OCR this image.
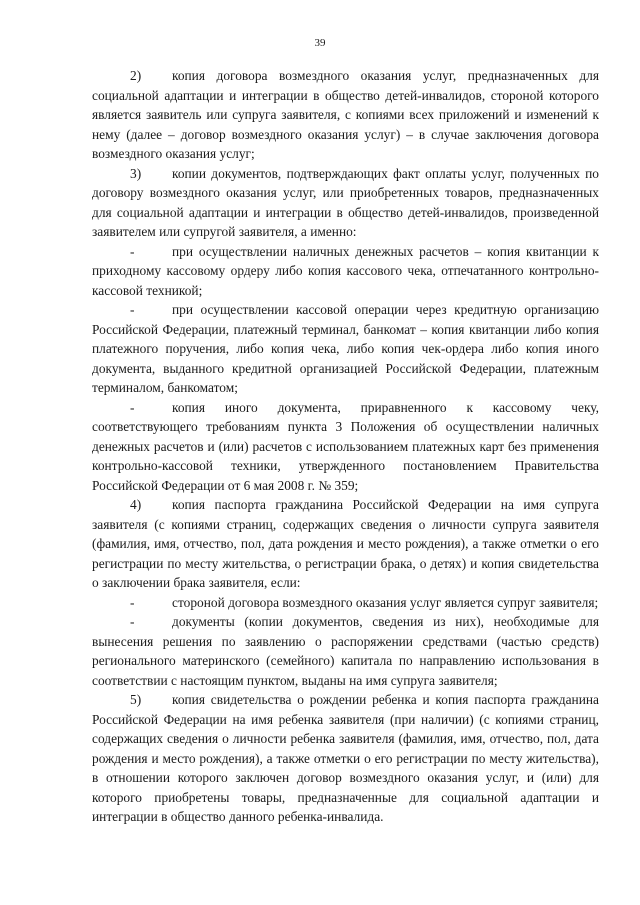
39

2) копия договора возмездного оказания услуг, предназначенных для социальной адаптации и интеграции в общество детей-инвалидов, стороной которого является заявитель или супруга заявителя, с копиями всех приложений и изменений к нему (далее – договор возмездного оказания услуг) – в случае заключения договора возмездного оказания услуг;

3) копии документов, подтверждающих факт оплаты услуг, полученных по договору возмездного оказания услуг, или приобретенных товаров, предназначенных для социальной адаптации и интеграции в общество детей-инвалидов, произведенной заявителем или супругой заявителя, а именно:

-	при осуществлении наличных денежных расчетов – копия квитанции к приходному кассовому ордеру либо копия кассового чека, отпечатанного контрольно-кассовой техникой;

-	при осуществлении кассовой операции через кредитную организацию Российской Федерации, платежный терминал, банкомат – копия квитанции либо копия платежного поручения, либо копия чека, либо копия чек-ордера либо копия иного документа, выданного кредитной организацией Российской Федерации, платежным терминалом, банкоматом;

-	копия иного документа, приравненного к кассовому чеку, соответствующего требованиям пункта 3 Положения об осуществлении наличных денежных расчетов и (или) расчетов с использованием платежных карт без применения контрольно-кассовой техники, утвержденного постановлением Правительства Российской Федерации от 6 мая 2008 г. № 359;

4) копия паспорта гражданина Российской Федерации на имя супруга заявителя (с копиями страниц, содержащих сведения о личности супруга заявителя (фамилия, имя, отчество, пол, дата рождения и место рождения), а также отметки о его регистрации по месту жительства, о регистрации брака, о детях) и копия свидетельства о заключении брака заявителя, если:

-	стороной договора возмездного оказания услуг является супруг заявителя;

-	документы (копии документов, сведения из них), необходимые для вынесения решения по заявлению о распоряжении средствами (частью средств) регионального материнского (семейного) капитала по направлению использования в соответствии с настоящим пунктом, выданы на имя супруга заявителя;

5) копия свидетельства о рождении ребенка и копия паспорта гражданина Российской Федерации на имя ребенка заявителя (при наличии) (с копиями страниц, содержащих сведения о личности ребенка заявителя (фамилия, имя, отчество, пол, дата рождения и место рождения), а также отметки о его регистрации по месту жительства), в отношении которого заключен договор возмездного оказания услуг, и (или) для которого приобретены товары, предназначенные для социальной адаптации и интеграции в общество данного ребенка-инвалида.
